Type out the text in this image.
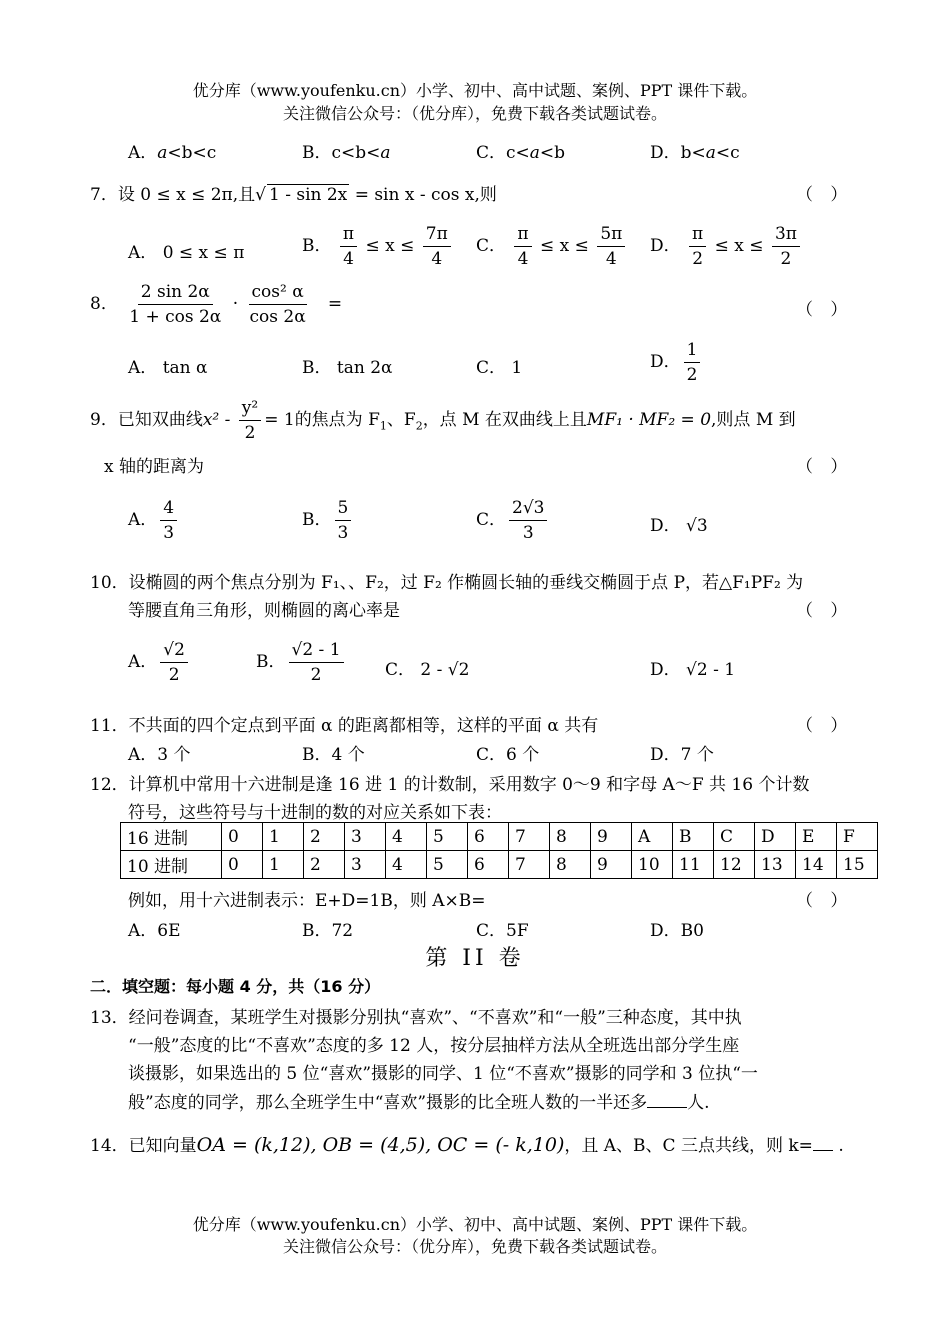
优分库（www.youfenku.cn）小学、初中、高中试题、案例、PPT 课件下载。
关注微信公众号：（优分库），免费下载各类试题试卷。
A．a<b<c	B．c<b<a	C．c<a<b	D．b<a<c
7．设 0 ≤ x ≤ 2π,且√ 1 - sin 2x = sin x - cos x,则	（ ）
A． 0 ≤ x ≤ π	B． $\frac{\pi}{4} \le x \le \frac{7\pi}{4}$ C． $\frac{\pi}{4} \le x \le \frac{5\pi}{4}$ D． $\frac{\pi}{2} \le x \le \frac{3\pi}{2}$
8． $\frac{2 \sin 2\alpha}{1 + \cos 2\alpha} \cdot \frac{\text{cos² α}}{\cos 2\alpha}$ =	（ ）
A． tan α	B． tan 2α	C． 1	D． $\frac{1}{2}$
9．已知双曲线$x^2 - \frac{\text{y²}}{2} = 1$的焦点为 $F_1$、$F_2$，点 M 在双曲线上且MF₁ · MF₂ = 0,则点 M 到
x 轴的距离为	（ ）
A． $\frac{4}{3}$	B． $\frac{5}{3}$	C． $\frac{2√3}{3}$	D． √3
10．设椭圆的两个焦点分别为 F₁、、F₂，过 F₂ 作椭圆长轴的垂线交椭圆于点 P，若△F₁PF₂ 为
等腰直角三角形，则椭圆的离心率是	（ ）
A． $\frac{√2}{2}$	B． $\frac{√2 - 1}{2}$ C． 2 - √2	D． √2 - 1
11．不共面的四个定点到平面 α 的距离都相等，这样的平面 α 共有	（ ）
A．3 个	B．4 个	C．6 个	D．7 个
12．计算机中常用十六进制是逢 16 进 1 的计数制，采用数字 0～9 和字母 A～F 共 16 个计数
符号，这些符号与十进制的数的对应关系如下表：
16 进制	0	1	2	3	4	5	6	7	8	9	A	B	C	D	E	F
10 进制	0	1	2	3	4	5	6	7	8	9	10	11	12	13	14	15
例如，用十六进制表示：E+D=1B，则 A×B=	（ ）
A．6E	B．72	C．5F	D．B0
第 II 卷
二．填空题：每小题 4 分，共（16 分）
13．经问卷调查，某班学生对摄影分别执“喜欢”、“不喜欢”和“一般”三种态度，其中执
“一般”态度的比“不喜欢”态度的多 12 人，按分层抽样方法从全班选出部分学生座
谈摄影，如果选出的 5 位“喜欢”摄影的同学、1 位“不喜欢”摄影的同学和 3 位执“一
般”态度的同学，那么全班学生中“喜欢”摄影的比全班人数的一半还多 人.
14．已知向量OA = (k,12), OB = (4,5), OC = (- k,10)，且 A、B、C 三点共线，则 k= .
优分库（www.youfenku.cn）小学、初中、高中试题、案例、PPT 课件下载。
关注微信公众号：（优分库），免费下载各类试题试卷。
